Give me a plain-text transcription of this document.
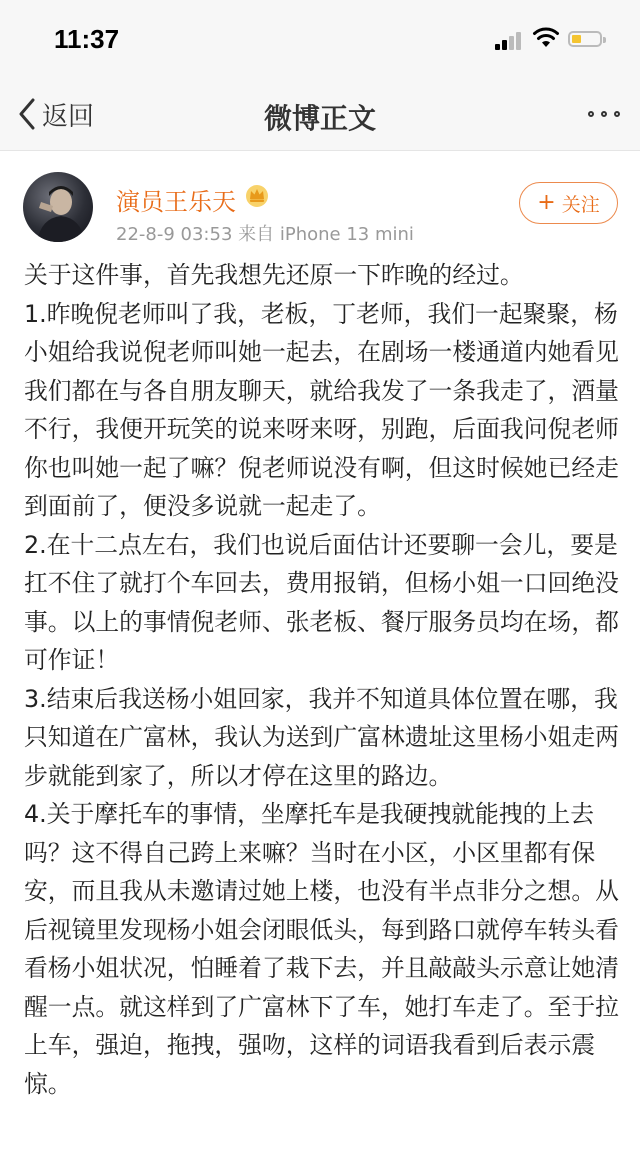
11:37
返回	微博正文
演员王乐天
22-8-9 03:53 来自 iPhone 13 mini
+ 关注

关于这件事，首先我想先还原一下昨晚的经过。

1.昨晚倪老师叫了我，老板，丁老师，我们一起聚聚，杨小姐给我说倪老师叫她一起去，在剧场一楼通道内她看见我们都在与各自朋友聊天，就给我发了一条我走了，酒量不行，我便开玩笑的说来呀来呀，别跑，后面我问倪老师你也叫她一起了嘛？倪老师说没有啊，但这时候她已经走到面前了，便没多说就一起走了。

2.在十二点左右，我们也说后面估计还要聊一会儿，要是扛不住了就打个车回去，费用报销，但杨小姐一口回绝没事。以上的事情倪老师、张老板、餐厅服务员均在场，都可作证！

3.结束后我送杨小姐回家，我并不知道具体位置在哪，我只知道在广富林，我认为送到广富林遗址这里杨小姐走两步就能到家了，所以才停在这里的路边。

4.关于摩托车的事情，坐摩托车是我硬拽就能拽的上去吗？这不得自己跨上来嘛？当时在小区，小区里都有保安，而且我从未邀请过她上楼，也没有半点非分之想。从后视镜里发现杨小姐会闭眼低头，每到路口就停车转头看看杨小姐状况，怕睡着了栽下去，并且敲敲头示意让她清醒一点。就这样到了广富林下了车，她打车走了。至于拉上车，强迫，拖拽，强吻，这样的词语我看到后表示震惊。
